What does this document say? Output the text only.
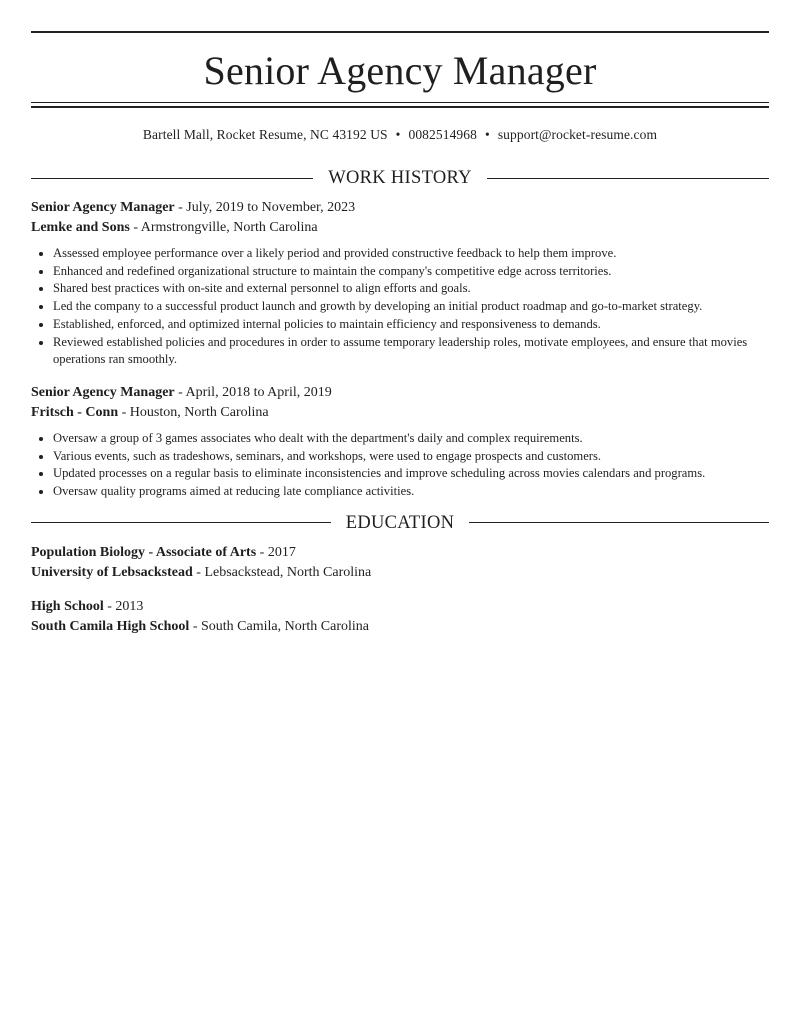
Senior Agency Manager
Bartell Mall, Rocket Resume, NC 43192 US • 0082514968 • support@rocket-resume.com
WORK HISTORY
Senior Agency Manager - July, 2019 to November, 2023
Lemke and Sons - Armstrongville, North Carolina
• Assessed employee performance over a likely period and provided constructive feedback to help them improve.
• Enhanced and redefined organizational structure to maintain the company's competitive edge across territories.
• Shared best practices with on-site and external personnel to align efforts and goals.
• Led the company to a successful product launch and growth by developing an initial product roadmap and go-to-market strategy.
• Established, enforced, and optimized internal policies to maintain efficiency and responsiveness to demands.
• Reviewed established policies and procedures in order to assume temporary leadership roles, motivate employees, and ensure that movies operations ran smoothly.
Senior Agency Manager - April, 2018 to April, 2019
Fritsch - Conn - Houston, North Carolina
• Oversaw a group of 3 games associates who dealt with the department's daily and complex requirements.
• Various events, such as tradeshows, seminars, and workshops, were used to engage prospects and customers.
• Updated processes on a regular basis to eliminate inconsistencies and improve scheduling across movies calendars and programs.
• Oversaw quality programs aimed at reducing late compliance activities.
EDUCATION
Population Biology - Associate of Arts - 2017
University of Lebsackstead - Lebsackstead, North Carolina
High School - 2013
South Camila High School - South Camila, North Carolina
